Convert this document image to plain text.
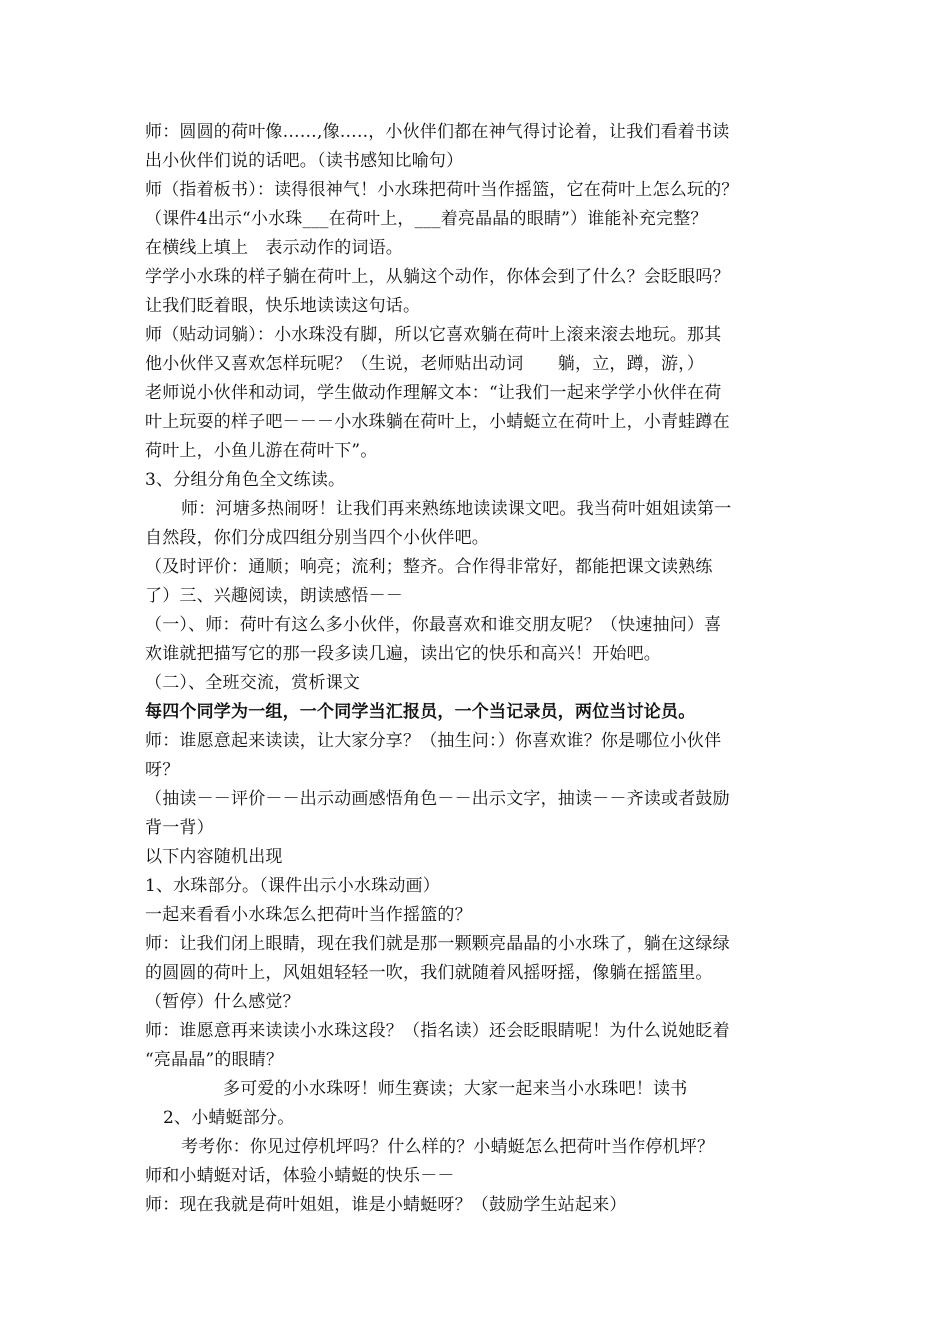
师：圆圆的荷叶像……,像…..，小伙伴们都在神气得讨论着，让我们看着书读
出小伙伴们说的话吧。（读书感知比喻句）
师（指着板书）：读得很神气！小水珠把荷叶当作摇篮，它在荷叶上怎么玩的？
（课件4出示“小水珠___在荷叶上，___着亮晶晶的眼睛”）谁能补充完整？
在横线上填上　表示动作的词语。
学学小水珠的样子躺在荷叶上，从躺这个动作，你体会到了什么？会眨眼吗？
让我们眨着眼，快乐地读读这句话。
师（贴动词躺）：小水珠没有脚，所以它喜欢躺在荷叶上滚来滚去地玩。那其
他小伙伴又喜欢怎样玩呢？（生说，老师贴出动词　　躺，立，蹲，游，）
老师说小伙伴和动词，学生做动作理解文本：“让我们一起来学学小伙伴在荷
叶上玩耍的样子吧－－－小水珠躺在荷叶上，小蜻蜓立在荷叶上，小青蛙蹲在
荷叶上，小鱼儿游在荷叶下”。
3、分组分角色全文练读。
师：河塘多热闹呀！让我们再来熟练地读读课文吧。我当荷叶姐姐读第一
自然段，你们分成四组分别当四个小伙伴吧。
（及时评价：通顺；响亮；流利；整齐。合作得非常好，都能把课文读熟练
了）三、兴趣阅读，朗读感悟－－
（一）、师：荷叶有这么多小伙伴，你最喜欢和谁交朋友呢？（快速抽问）喜
欢谁就把描写它的那一段多读几遍，读出它的快乐和高兴！开始吧。
（二）、全班交流，赏析课文
每四个同学为一组，一个同学当汇报员，一个当记录员，两位当讨论员。
师：谁愿意起来读读，让大家分享？（抽生问：）你喜欢谁？你是哪位小伙伴
呀？
（抽读－－评价－－出示动画感悟角色－－出示文字，抽读－－齐读或者鼓励
背一背）
以下内容随机出现
1、水珠部分。（课件出示小水珠动画）
一起来看看小水珠怎么把荷叶当作摇篮的？
师：让我们闭上眼睛，现在我们就是那一颗颗亮晶晶的小水珠了，躺在这绿绿
的圆圆的荷叶上，风姐姐轻轻一吹，我们就随着风摇呀摇，像躺在摇篮里。
（暂停）什么感觉？
师：谁愿意再来读读小水珠这段？（指名读）还会眨眼睛呢！为什么说她眨着
“亮晶晶”的眼睛？
多可爱的小水珠呀！师生赛读；大家一起来当小水珠吧！读书
2、小蜻蜓部分。
考考你：你见过停机坪吗？什么样的？小蜻蜓怎么把荷叶当作停机坪？
师和小蜻蜓对话，体验小蜻蜓的快乐－－
师：现在我就是荷叶姐姐，谁是小蜻蜓呀？（鼓励学生站起来）
